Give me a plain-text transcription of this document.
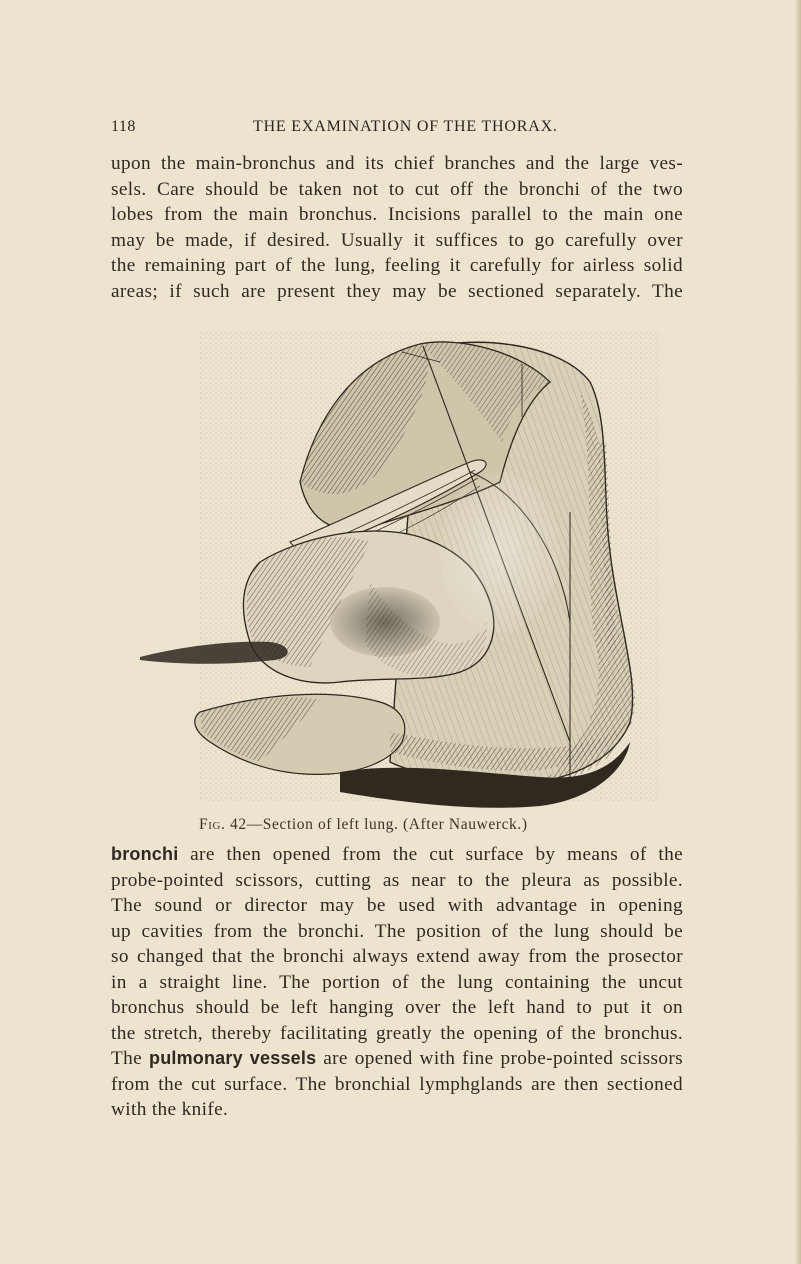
118	THE EXAMINATION OF THE THORAX.
upon the main-bronchus and its chief branches and the large ves-
sels. Care should be taken not to cut off the bronchi of the two
lobes from the main bronchus. Incisions parallel to the main one
may be made, if desired. Usually it suffices to go carefully over
the remaining part of the lung, feeling it carefully for airless solid
areas; if such are present they may be sectioned separately. The
Fig. 42—Section of left lung. (After Nauwerck.)
bronchi are then opened from the cut surface by means of the
probe-pointed scissors, cutting as near to the pleura as possible.
The sound or director may be used with advantage in opening
up cavities from the bronchi. The position of the lung should be
so changed that the bronchi always extend away from the prosector
in a straight line. The portion of the lung containing the uncut
bronchus should be left hanging over the left hand to put it on
the stretch, thereby facilitating greatly the opening of the bronchus.
The pulmonary vessels are opened with fine probe-pointed scissors
from the cut surface. The bronchial lymphglands are then sectioned
with the knife.
